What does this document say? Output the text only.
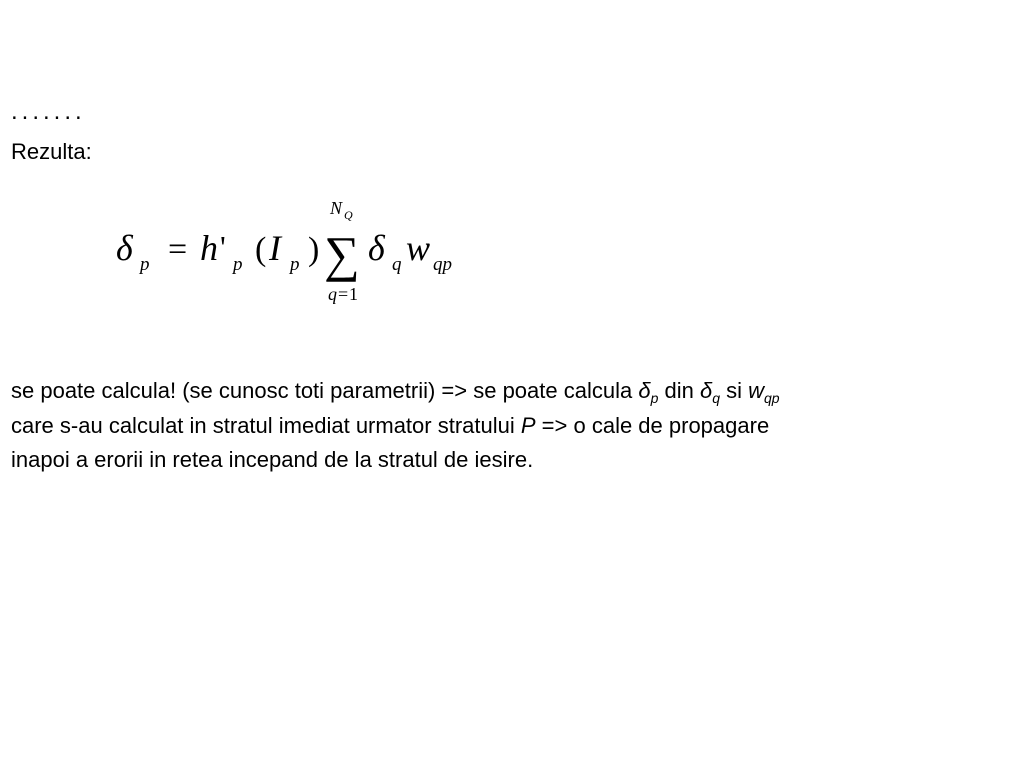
.......
Rezulta:
δ p = h ' p ( I p )
N Q
∑
q = 1
δ q w qp
se poate calcula! (se cunosc toti parametrii) => se poate calcula $\delta_p$ din $\delta_q$ si $w_{qp}$
care s-au calculat in stratul imediat urmator stratului P => o cale de propagare
inapoi a erorii in retea incepand de la stratul de iesire.
